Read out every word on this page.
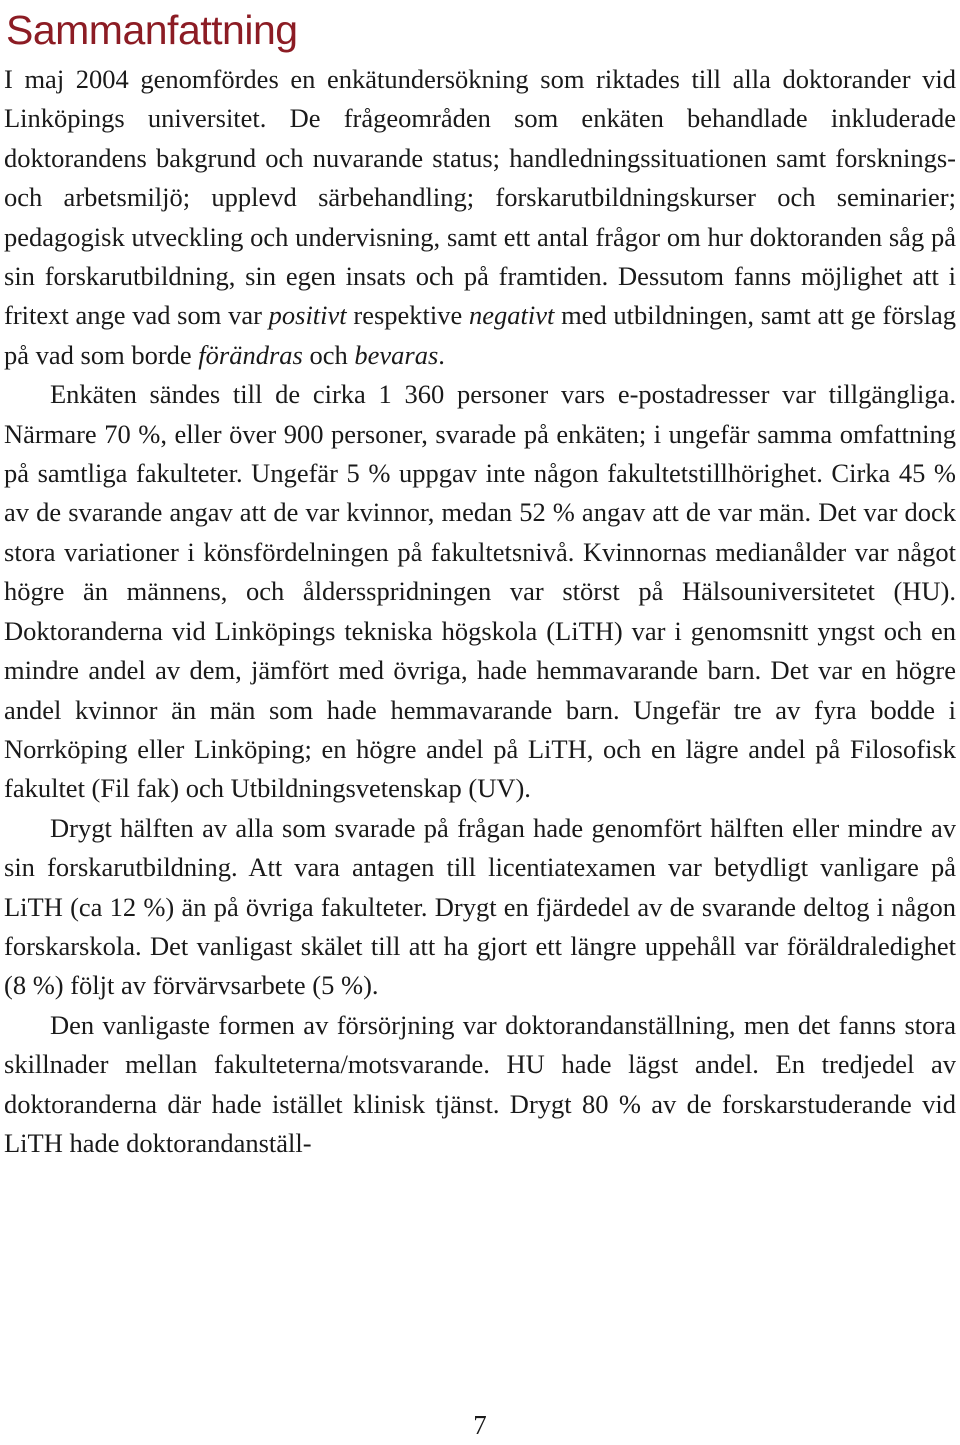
Sammanfattning

I maj 2004 genomfördes en enkätundersökning som riktades till alla doktorander vid Linköpings universitet. De frågeområden som enkäten behandlade inkluderade doktorandens bakgrund och nuvarande status; handledningssituationen samt forsknings- och arbetsmiljö; upplevd särbehandling; forskarutbildningskurser och seminarier; pedagogisk utveckling och undervisning, samt ett antal frågor om hur doktoranden såg på sin forskarutbildning, sin egen insats och på framtiden. Dessutom fanns möjlighet att i fritext ange vad som var positivt respektive negativt med utbildningen, samt att ge förslag på vad som borde förändras och bevaras.

Enkäten sändes till de cirka 1 360 personer vars e-postadresser var tillgängliga. Närmare 70 %, eller över 900 personer, svarade på enkäten; i ungefär samma omfattning på samtliga fakulteter. Ungefär 5 % uppgav inte någon fakultetstillhörighet. Cirka 45 % av de svarande angav att de var kvinnor, medan 52 % angav att de var män. Det var dock stora variationer i könsfördelningen på fakultetsnivå. Kvinnornas medianålder var något högre än männens, och åldersspridningen var störst på Hälsouniversitetet (HU). Doktoranderna vid Linköpings tekniska högskola (LiTH) var i genomsnitt yngst och en mindre andel av dem, jämfört med övriga, hade hemmavarande barn. Det var en högre andel kvinnor än män som hade hemmavarande barn. Ungefär tre av fyra bodde i Norrköping eller Linköping; en högre andel på LiTH, och en lägre andel på Filosofisk fakultet (Fil fak) och Utbildningsvetenskap (UV).

Drygt hälften av alla som svarade på frågan hade genomfört hälften eller mindre av sin forskarutbildning. Att vara antagen till licentiatexamen var betydligt vanligare på LiTH (ca 12 %) än på övriga fakulteter. Drygt en fjärdedel av de svarande deltog i någon forskarskola. Det vanligast skälet till att ha gjort ett längre uppehåll var föräldraledighet (8 %) följt av förvärvsarbete (5 %).

Den vanligaste formen av försörjning var doktorandanställning, men det fanns stora skillnader mellan fakulteterna/motsvarande. HU hade lägst andel. En tredjedel av doktoranderna där hade istället klinisk tjänst. Drygt 80 % av de forskarstuderande vid LiTH hade doktorandanställ-

7
